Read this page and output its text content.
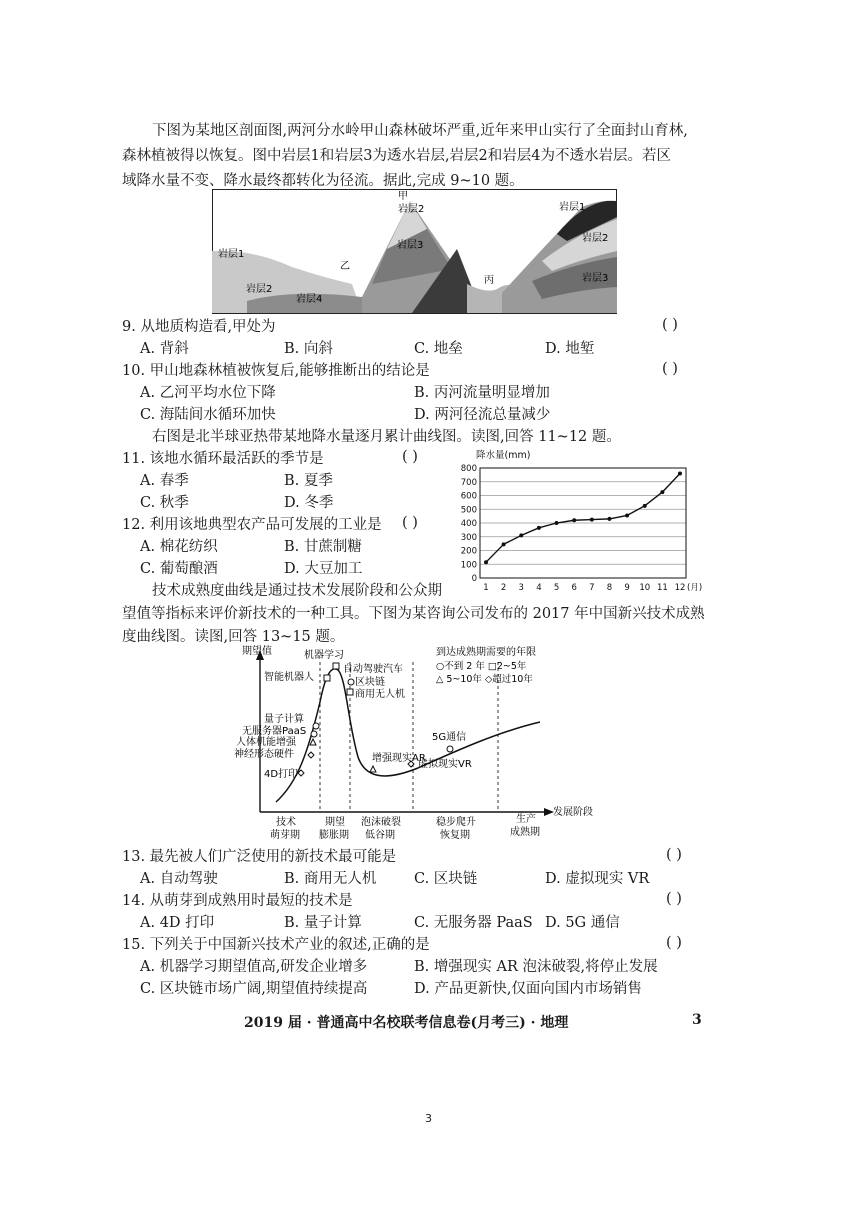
下图为某地区剖面图,两河分水岭甲山森林破坏严重,近年来甲山实行了全面封山育林,
森林植被得以恢复。图中岩层1和岩层3为透水岩层,岩层2和岩层4为不透水岩层。若区
域降水量不变、降水最终都转化为径流。据此,完成 9~10 题。
甲
岩层2
岩层3
岩层1
岩层2
岩层4
乙
丙
岩层1
岩层2
岩层3
9. 从地质构造看,甲处为	( )
A. 背斜	B. 向斜	C. 地垒	D. 地堑
10. 甲山地森林植被恢复后,能够推断出的结论是	( )
A. 乙河平均水位下降	B. 丙河流量明显增加
C. 海陆间水循环加快	D. 两河径流总量减少
右图是北半球亚热带某地降水量逐月累计曲线图。读图,回答 11~12 题。
11. 该地水循环最活跃的季节是	( )
A. 春季	B. 夏季
C. 秋季	D. 冬季
12. 利用该地典型农产品可发展的工业是 ( )
A. 棉花纺织	B. 甘蔗制糖
C. 葡萄酿酒	D. 大豆加工
0
100
200
300
400
500
600
700
800
1 2 3 4 5 6 7 8 9 10 11 12
降水量(mm)
(月)
技术成熟度曲线是通过技术发展阶段和公众期
望值等指标来评价新技术的一种工具。下图为某咨询公司发布的 2017 年中国新兴技术成熟
度曲线图。读图,回答 13~15 题。
期望值
发展阶段
机器学习
自动驾驶汽车
智能机器人	区块链
商用无人机
量子计算
无服务器PaaS
人体机能增强
神经形态硬件
4D打印
增强现实AR
5G通信
虚拟现实VR
到达成熟期需要的年限
○不到 2 年 □2~5年
△ 5~10年 ◇超过10年
技术
萌芽期
期望
膨胀期
泡沫破裂
低谷期
稳步爬升
恢复期
生产
成熟期
13. 最先被人们广泛使用的新技术最可能是	( )
A. 自动驾驶	B. 商用无人机	C. 区块链	D. 虚拟现实 VR
14. 从萌芽到成熟用时最短的技术是	( )
A. 4D 打印	B. 量子计算	C. 无服务器 PaaS D. 5G 通信
15. 下列关于中国新兴技术产业的叙述,正确的是	( )
A. 机器学习期望值高,研发企业增多	B. 增强现实 AR 泡沫破裂,将停止发展
C. 区块链市场广阔,期望值持续提高	D. 产品更新快,仅面向国内市场销售
2019 届 · 普通高中名校联考信息卷(月考三) · 地理	3
3
